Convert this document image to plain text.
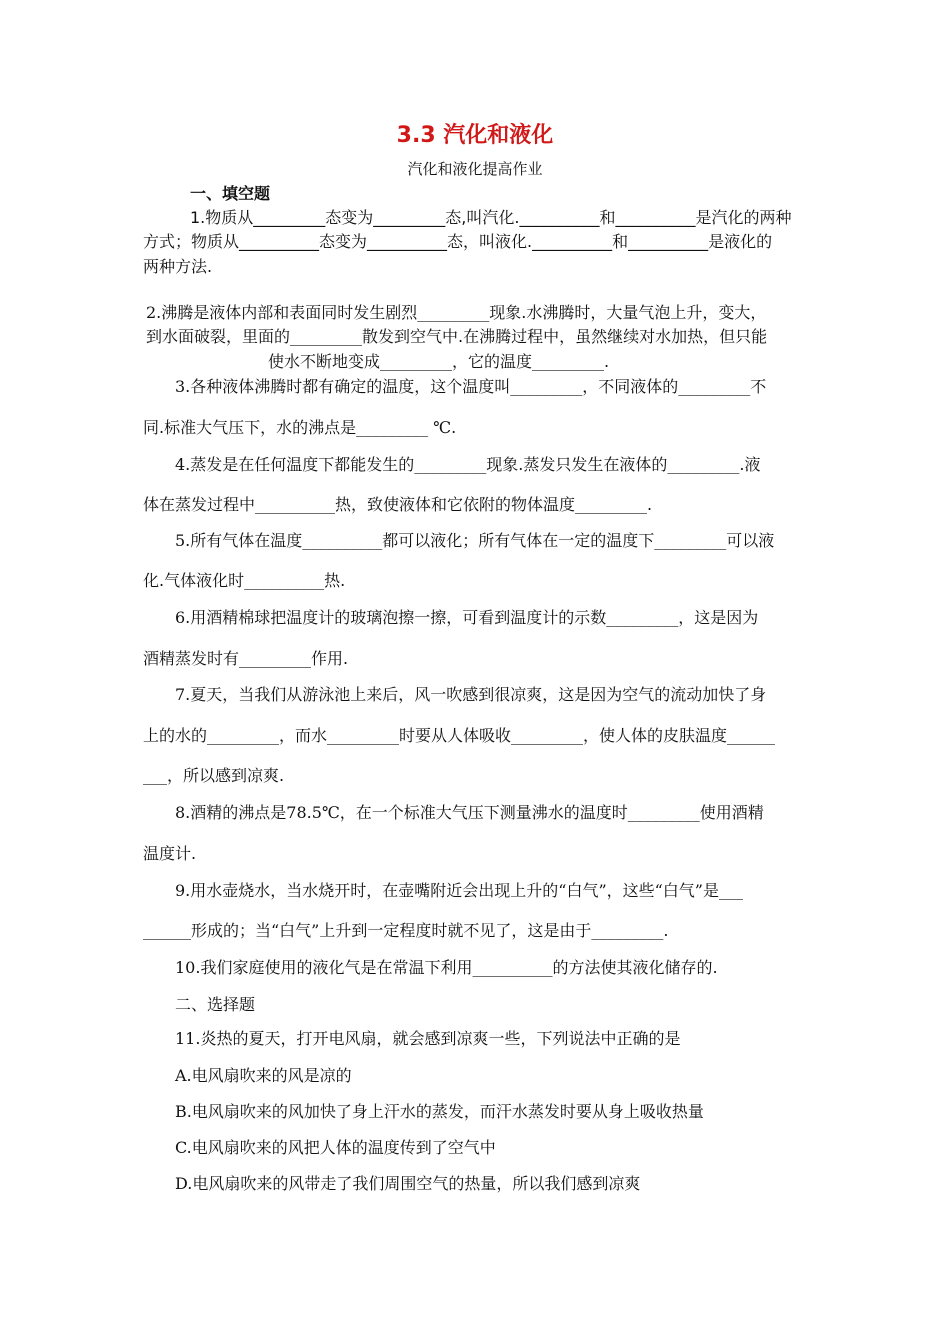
3.3 汽化和液化
汽化和液化提高作业
一、填空题
1.物质从_________态变为_________态,叫汽化.__________和__________是汽化的两种
方式；物质从__________态变为__________态，叫液化.__________和__________是液化的
两种方法.
2.沸腾是液体内部和表面同时发生剧烈_________现象.水沸腾时，大量气泡上升，变大，
到水面破裂，里面的_________散发到空气中.在沸腾过程中，虽然继续对水加热，但只能
使水不断地变成_________，它的温度_________.
3.各种液体沸腾时都有确定的温度，这个温度叫_________，不同液体的_________不
同.标准大气压下，水的沸点是_________ ℃.
4.蒸发是在任何温度下都能发生的_________现象.蒸发只发生在液体的_________.液
体在蒸发过程中__________热，致使液体和它依附的物体温度_________.
5.所有气体在温度__________都可以液化；所有气体在一定的温度下_________可以液
化.气体液化时__________热.
6.用酒精棉球把温度计的玻璃泡擦一擦，可看到温度计的示数_________，这是因为
酒精蒸发时有_________作用.
7.夏天，当我们从游泳池上来后，风一吹感到很凉爽，这是因为空气的流动加快了身
上的水的_________，而水_________时要从人体吸收_________，使人体的皮肤温度______
___，所以感到凉爽.
8.酒精的沸点是78.5℃，在一个标准大气压下测量沸水的温度时_________使用酒精
温度计.
9.用水壶烧水，当水烧开时，在壶嘴附近会出现上升的“白气”，这些“白气”是___
______形成的；当“白气”上升到一定程度时就不见了，这是由于_________.
10.我们家庭使用的液化气是在常温下利用__________的方法使其液化储存的.
二、选择题
11.炎热的夏天，打开电风扇，就会感到凉爽一些，下列说法中正确的是
A.电风扇吹来的风是凉的
B.电风扇吹来的风加快了身上汗水的蒸发，而汗水蒸发时要从身上吸收热量
C.电风扇吹来的风把人体的温度传到了空气中
D.电风扇吹来的风带走了我们周围空气的热量，所以我们感到凉爽
